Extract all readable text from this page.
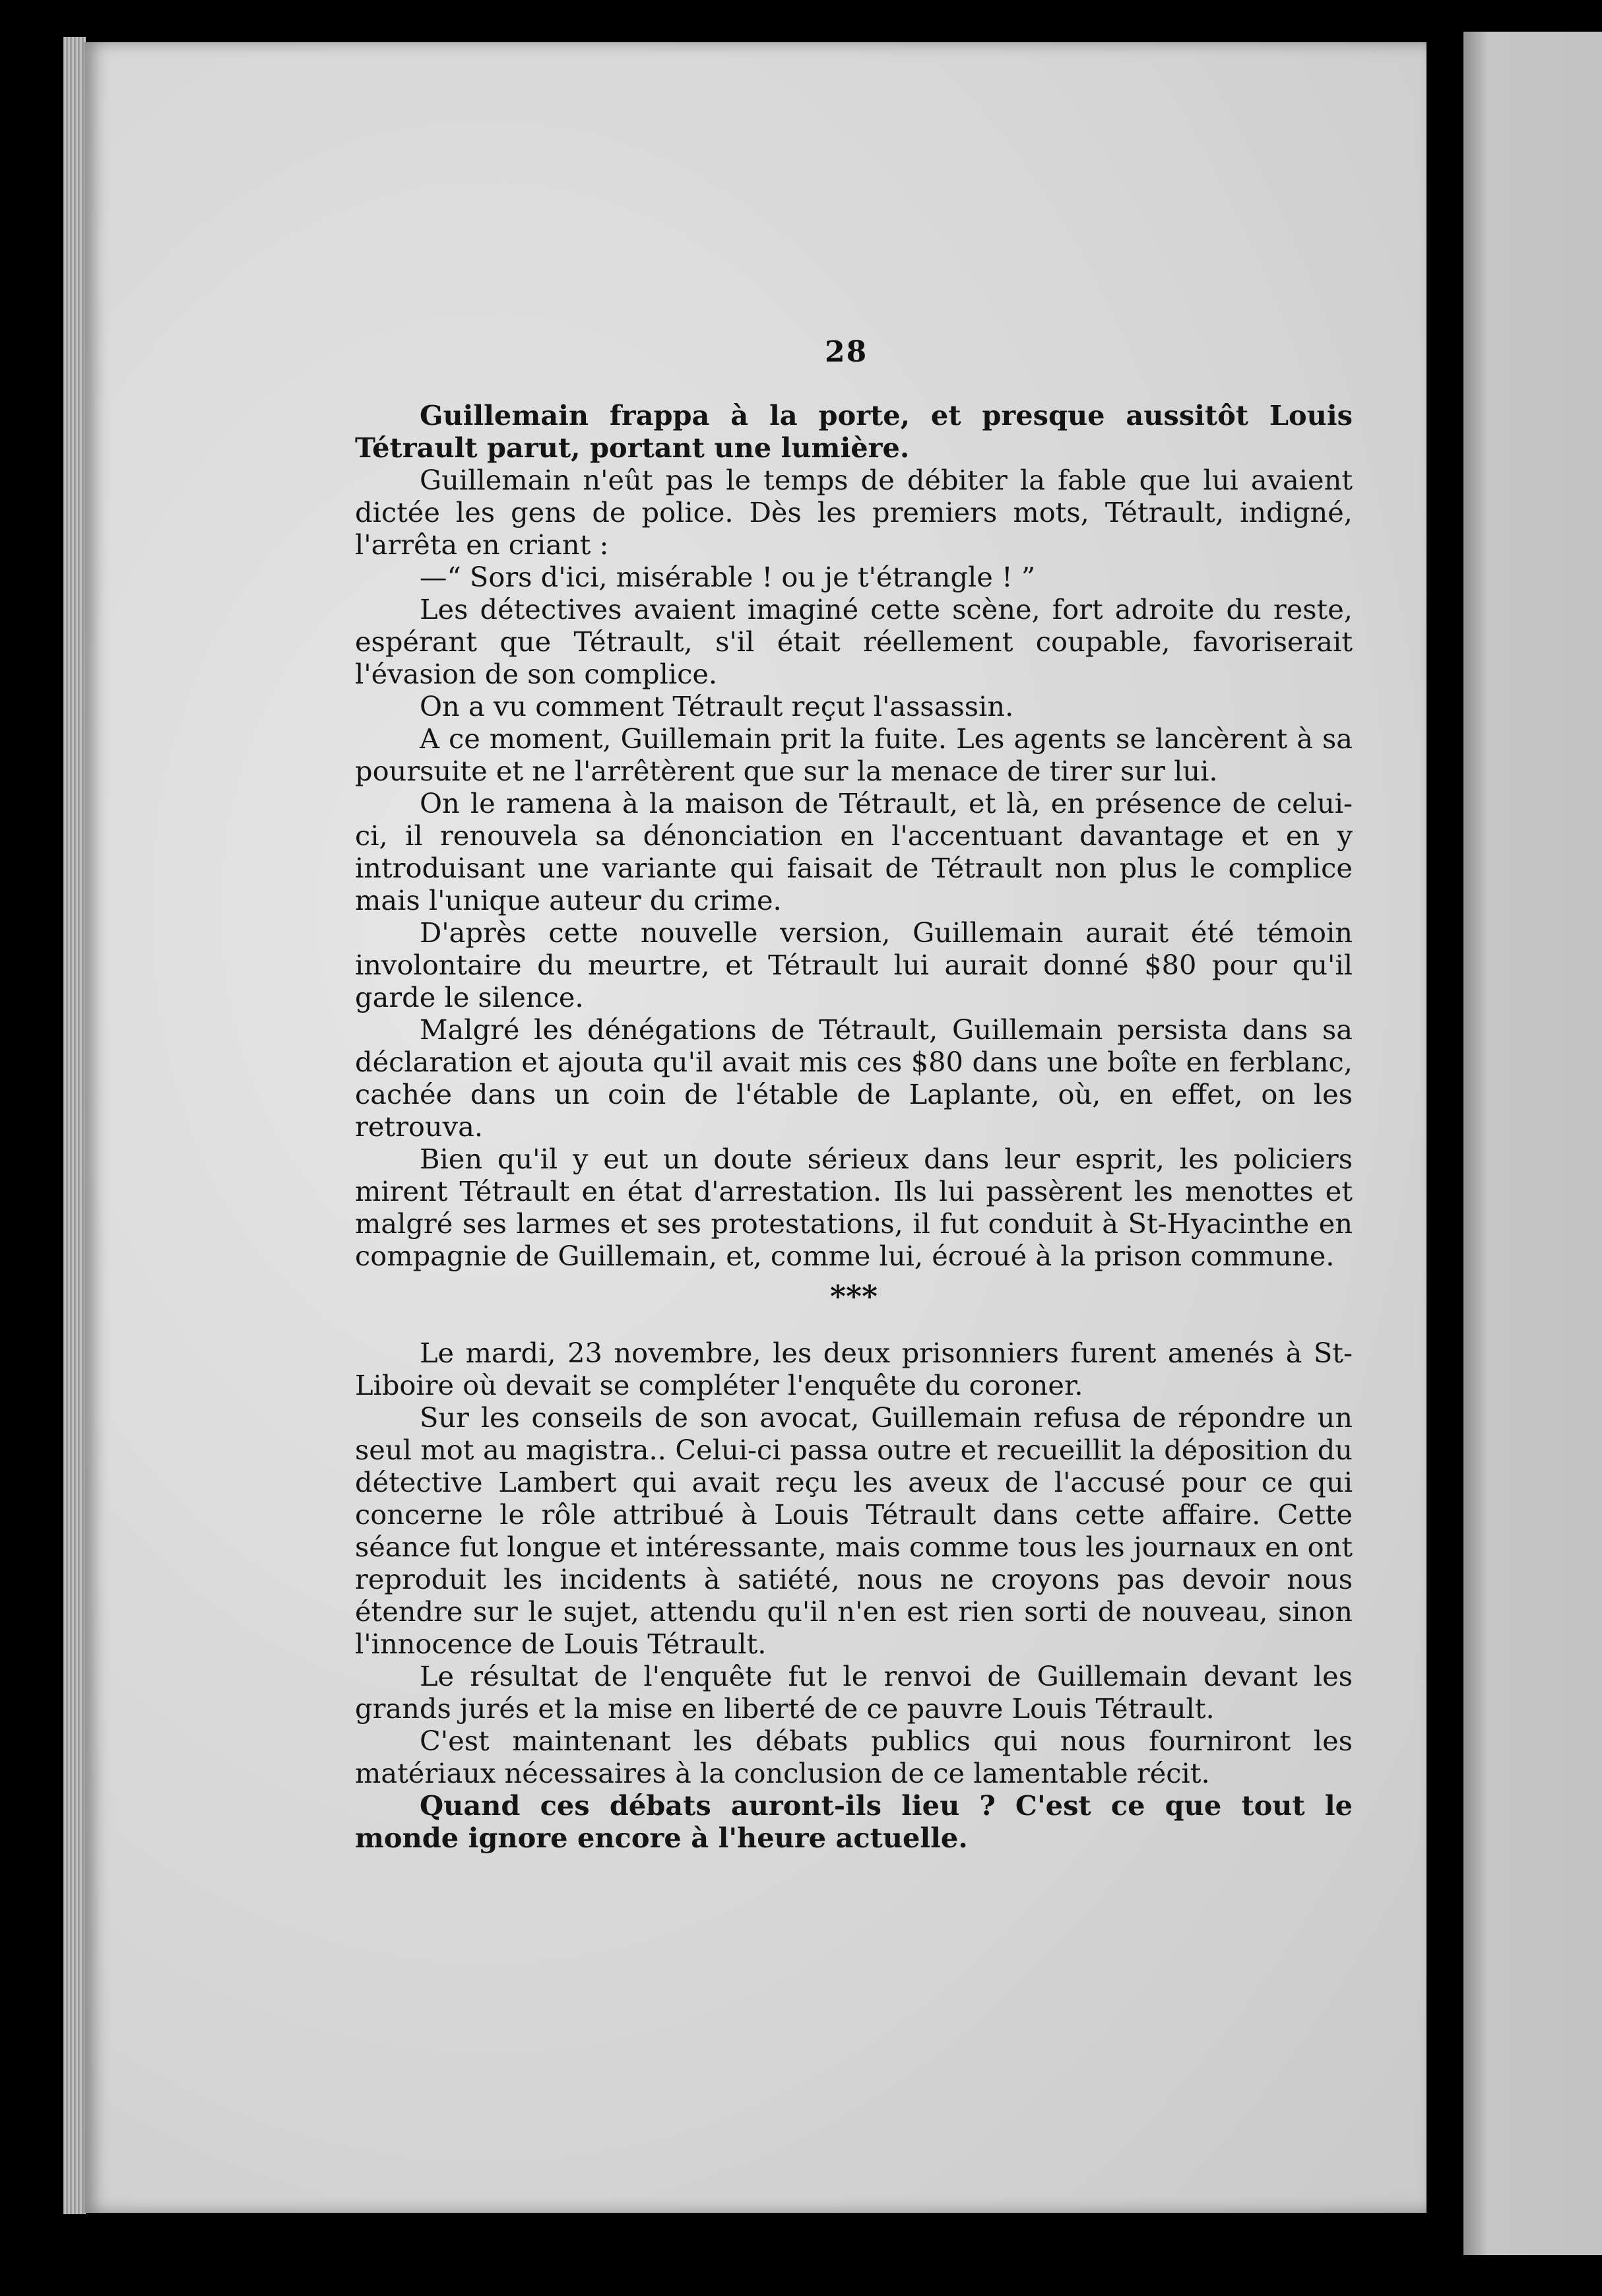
28

Guillemain frappa à la porte, et presque aussitôt Louis Tétrault parut, portant une lumière.

Guillemain n'eût pas le temps de débiter la fable que lui avaient dictée les gens de police. Dès les premiers mots, Tétrault, indigné, l'arrêta en criant :

—“ Sors d'ici, misérable ! ou je t'étrangle ! ”

Les détectives avaient imaginé cette scène, fort adroite du reste, espérant que Tétrault, s'il était réellement coupable, favoriserait l'évasion de son complice.

On a vu comment Tétrault reçut l'assassin.

A ce moment, Guillemain prit la fuite. Les agents se lancèrent à sa poursuite et ne l'arrêtèrent que sur la menace de tirer sur lui.

On le ramena à la maison de Tétrault, et là, en présence de celui-ci, il renouvela sa dénonciation en l'accentuant davantage et en y introduisant une variante qui faisait de Tétrault non plus le complice mais l'unique auteur du crime.

D'après cette nouvelle version, Guillemain aurait été témoin involontaire du meurtre, et Tétrault lui aurait donné $80 pour qu'il garde le silence.

Malgré les dénégations de Tétrault, Guillemain persista dans sa déclaration et ajouta qu'il avait mis ces $80 dans une boîte en ferblanc, cachée dans un coin de l'étable de Laplante, où, en effet, on les retrouva.

Bien qu'il y eut un doute sérieux dans leur esprit, les policiers mirent Tétrault en état d'arrestation. Ils lui passèrent les menottes et malgré ses larmes et ses protestations, il fut conduit à St-Hyacinthe en compagnie de Guillemain, et, comme lui, écroué à la prison commune.

***

Le mardi, 23 novembre, les deux prisonniers furent amenés à St-Liboire où devait se compléter l'enquête du coroner.

Sur les conseils de son avocat, Guillemain refusa de répondre un seul mot au magistra.. Celui-ci passa outre et recueillit la déposition du détective Lambert qui avait reçu les aveux de l'accusé pour ce qui concerne le rôle attribué à Louis Tétrault dans cette affaire. Cette séance fut longue et intéressante, mais comme tous les journaux en ont reproduit les incidents à satiété, nous ne croyons pas devoir nous étendre sur le sujet, attendu qu'il n'en est rien sorti de nouveau, sinon l'innocence de Louis Tétrault.

Le résultat de l'enquête fut le renvoi de Guillemain devant les grands jurés et la mise en liberté de ce pauvre Louis Tétrault.

C'est maintenant les débats publics qui nous fourniront les matériaux nécessaires à la conclusion de ce lamentable récit.

Quand ces débats auront-ils lieu ? C'est ce que tout le monde ignore encore à l'heure actuelle.
